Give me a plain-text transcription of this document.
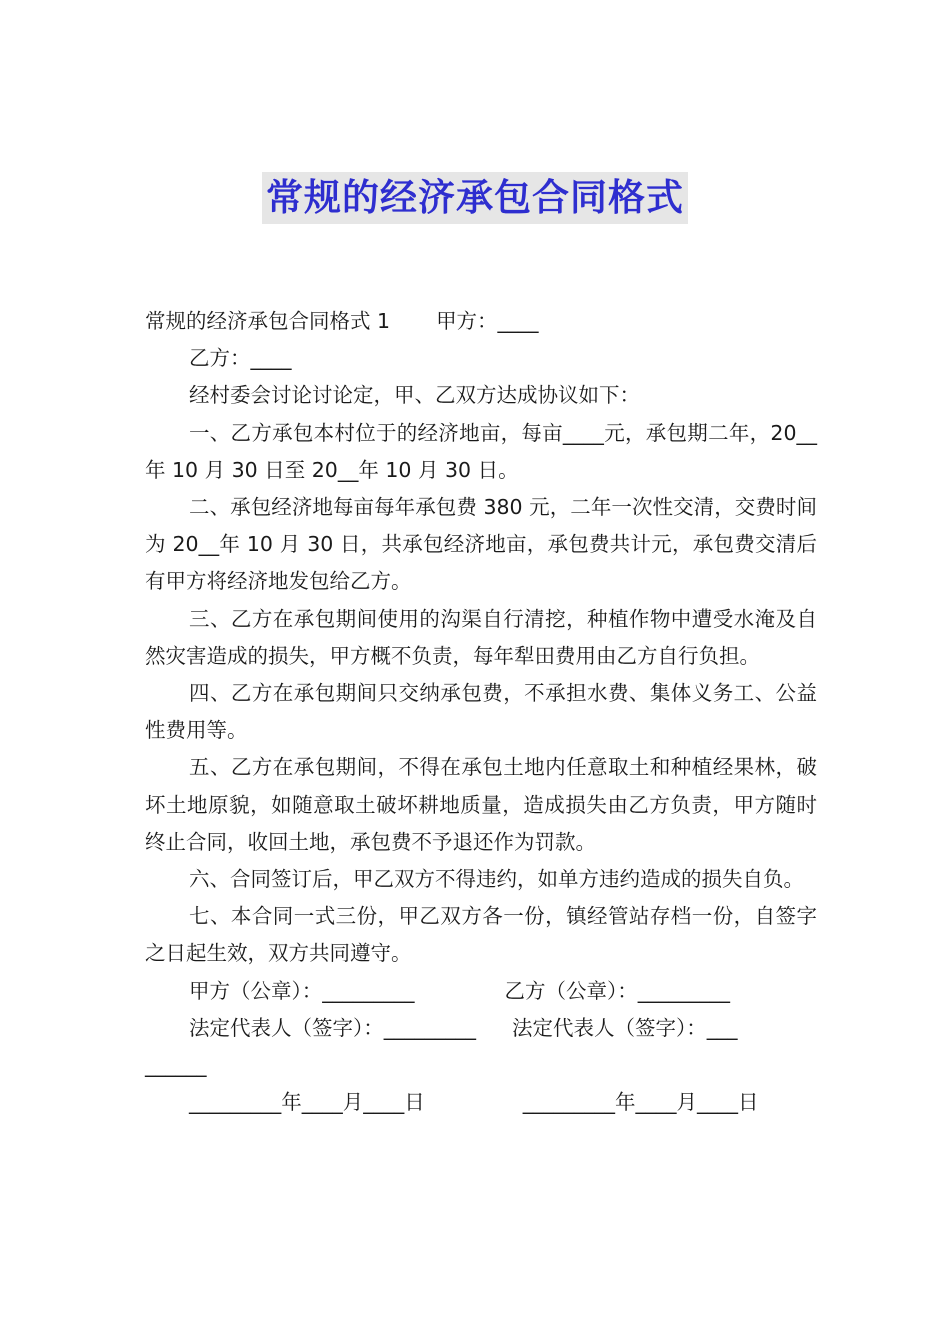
常规的经济承包合同格式

常规的经济承包合同格式 1 甲方：____

乙方：____

经村委会讨论讨论定，甲、乙双方达成协议如下：

一、乙方承包本村位于的经济地亩，每亩____元，承包期二年，20__年 10 月 30 日至 20__年 10 月 30 日。

二、承包经济地每亩每年承包费 380 元，二年一次性交清，交费时间为 20__年 10 月 30 日，共承包经济地亩，承包费共计元，承包费交清后有甲方将经济地发包给乙方。

三、乙方在承包期间使用的沟渠自行清挖，种植作物中遭受水淹及自然灾害造成的损失，甲方概不负责，每年犁田费用由乙方自行负担。

四、乙方在承包期间只交纳承包费，不承担水费、集体义务工、公益性费用等。

五、乙方在承包期间，不得在承包土地内任意取土和种植经果林，破坏土地原貌，如随意取土破坏耕地质量，造成损失由乙方负责，甲方随时终止合同，收回土地，承包费不予退还作为罚款。

六、合同签订后，甲乙双方不得违约，如单方违约造成的损失自负。

七、本合同一式三份，甲乙双方各一份，镇经管站存档一份，自签字之日起生效，双方共同遵守。

甲方（公章）：_________	乙方（公章）：_________

法定代表人（签字）：_________ 法定代表人（签字）：___

______

_________年____月____日	_________年____月____日
